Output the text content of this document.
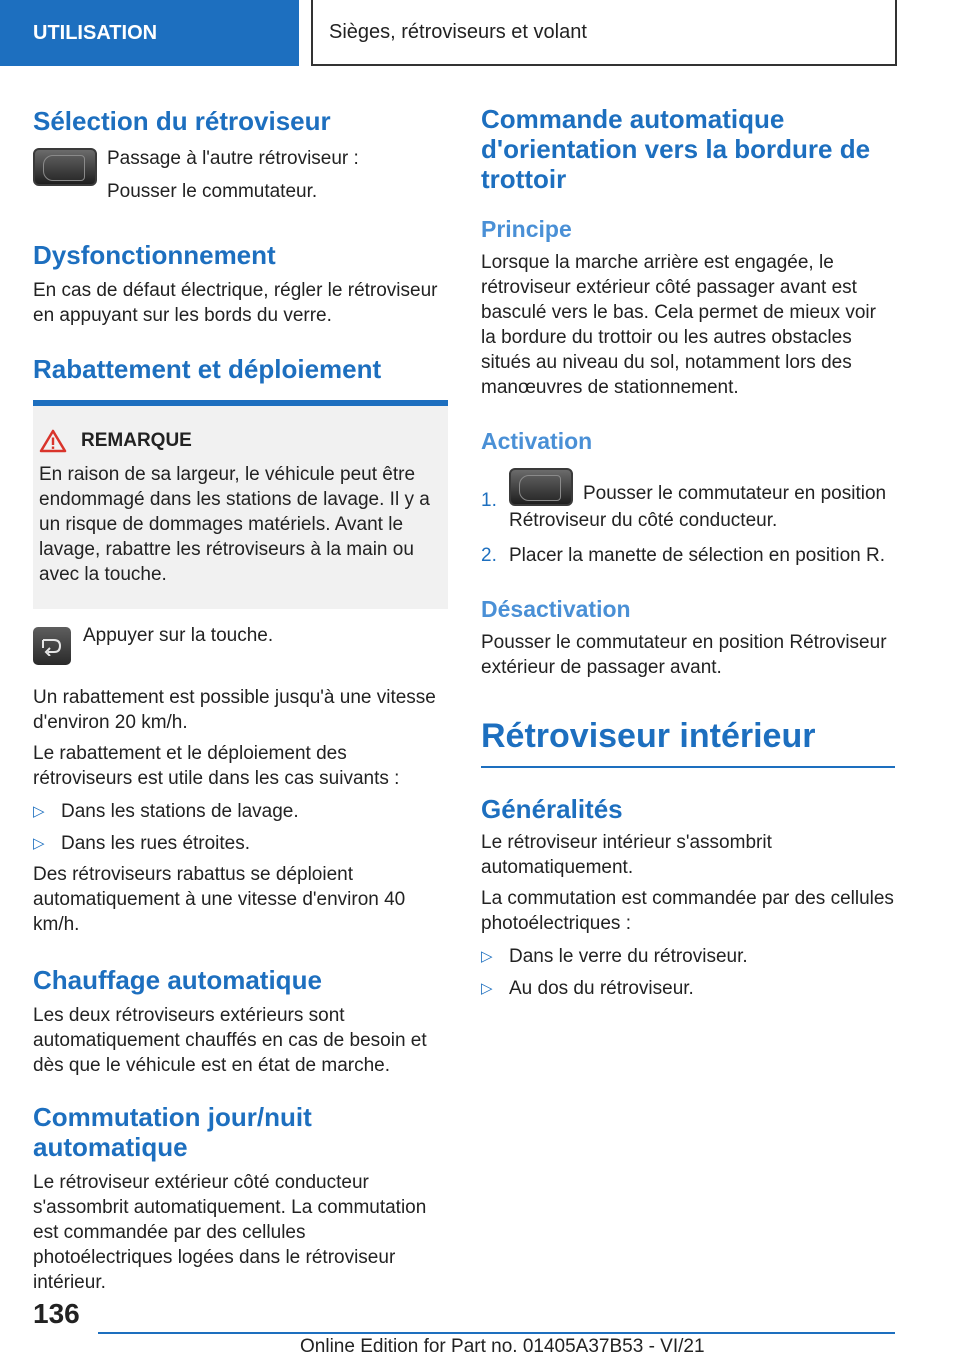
UTILISATION	Sièges, rétroviseurs et volant
Sélection du rétroviseur

Passage à l'autre rétroviseur :

Pousser le commutateur.

Dysfonctionnement

En cas de défaut électrique, régler le rétroviseur en appuyant sur les bords du verre.

Rabattement et déploiement
REMARQUE

En raison de sa largeur, le véhicule peut être endommagé dans les stations de lavage. Il y a un risque de dommages matériels. Avant le lavage, rabattre les rétroviseurs à la main ou avec la touche.

Appuyer sur la touche.

Un rabattement est possible jusqu'à une vitesse d'environ 20 km/h.

Le rabattement et le déploiement des rétroviseurs est utile dans les cas suivants :

▷ Dans les stations de lavage.
▷ Dans les rues étroites.

Des rétroviseurs rabattus se déploient automatiquement à une vitesse d'environ 40 km/h.

Chauffage automatique

Les deux rétroviseurs extérieurs sont automatiquement chauffés en cas de besoin et dès que le véhicule est en état de marche.

Commutation jour/nuit automatique

Le rétroviseur extérieur côté conducteur s'assombrit automatiquement. La commutation est commandée par des cellules photoélectriques logées dans le rétroviseur intérieur.

Commande automatique d'orientation vers la bordure de trottoir
Principe

Lorsque la marche arrière est engagée, le rétroviseur extérieur côté passager avant est basculé vers le bas. Cela permet de mieux voir la bordure du trottoir ou les autres obstacles situés au niveau du sol, notamment lors des manœuvres de stationnement.

Activation
1.	Pousser le commutateur en position
Rétroviseur du côté conducteur.
2. Placer la manette de sélection en position R.
Désactivation

Pousser le commutateur en position Rétroviseur extérieur de passager avant.

Rétroviseur intérieur
Généralités

Le rétroviseur intérieur s'assombrit automatiquement.

La commutation est commandée par des cellules photoélectriques :

▷ Dans le verre du rétroviseur.
▷ Au dos du rétroviseur.
136
Online Edition for Part no. 01405A37B53 - VI/21
